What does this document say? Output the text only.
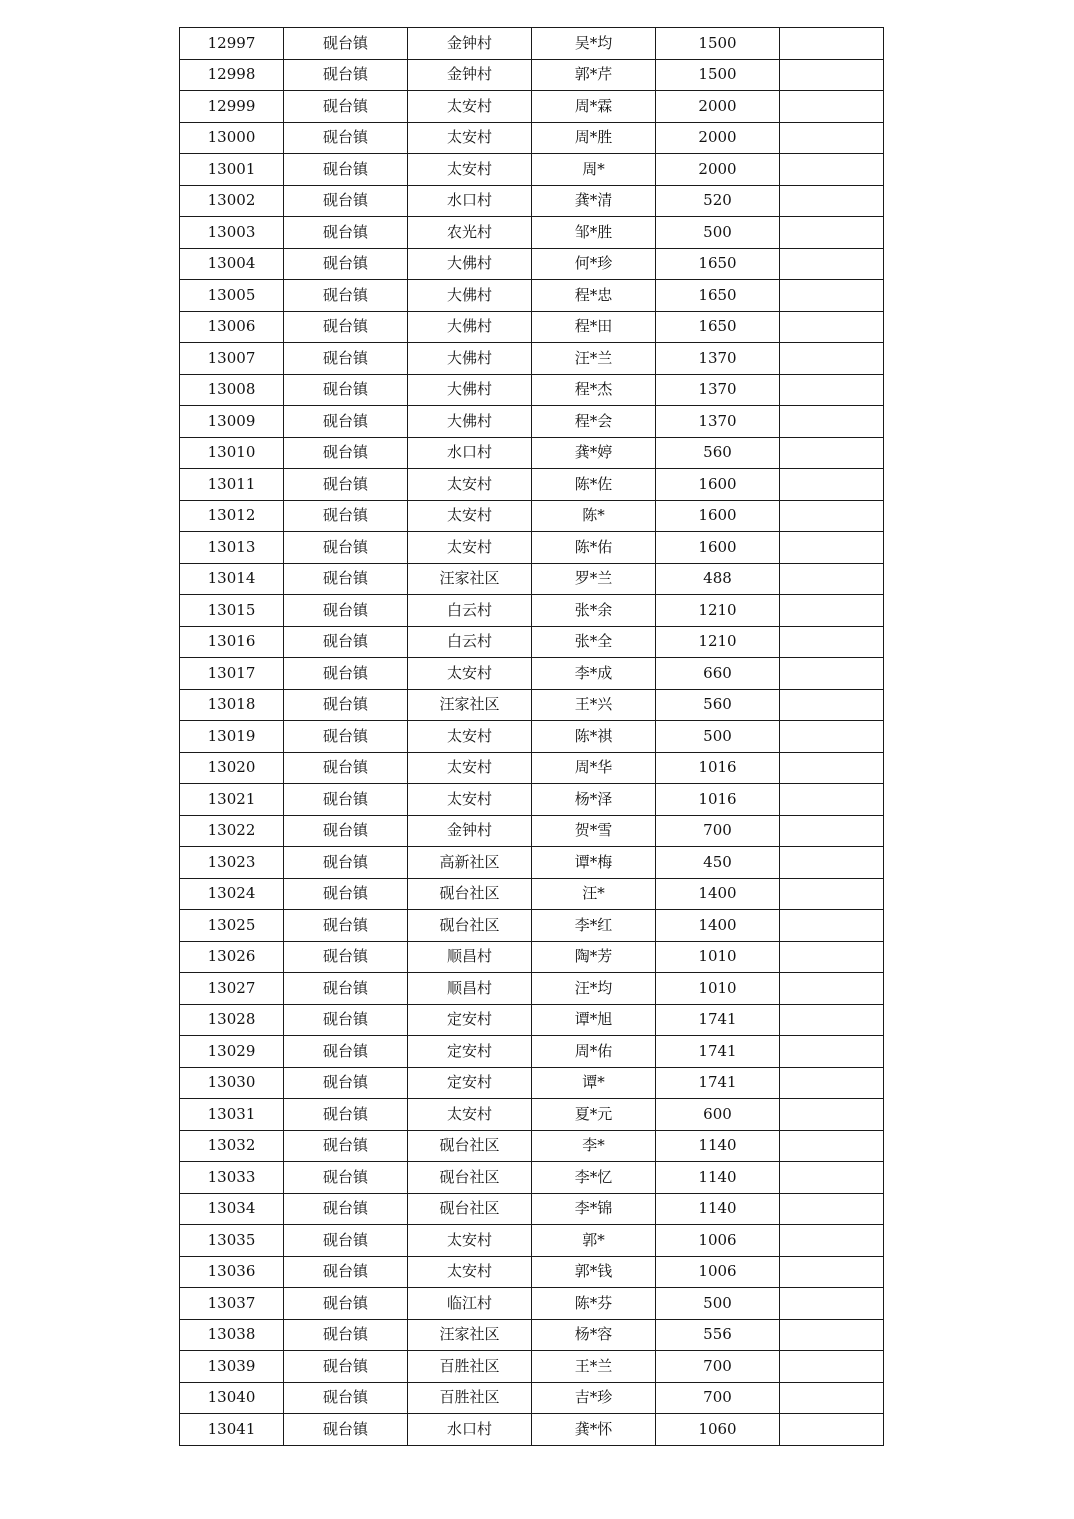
12997	砚台镇	金钟村	吴*均	1500	
12998	砚台镇	金钟村	郭*芹	1500	
12999	砚台镇	太安村	周*霖	2000	
13000	砚台镇	太安村	周*胜	2000	
13001	砚台镇	太安村	周*	2000	
13002	砚台镇	水口村	龚*清	520	
13003	砚台镇	农光村	邹*胜	500	
13004	砚台镇	大佛村	何*珍	1650	
13005	砚台镇	大佛村	程*忠	1650	
13006	砚台镇	大佛村	程*田	1650	
13007	砚台镇	大佛村	汪*兰	1370	
13008	砚台镇	大佛村	程*杰	1370	
13009	砚台镇	大佛村	程*会	1370	
13010	砚台镇	水口村	龚*婷	560	
13011	砚台镇	太安村	陈*佐	1600	
13012	砚台镇	太安村	陈*	1600	
13013	砚台镇	太安村	陈*佑	1600	
13014	砚台镇	汪家社区	罗*兰	488	
13015	砚台镇	白云村	张*余	1210	
13016	砚台镇	白云村	张*全	1210	
13017	砚台镇	太安村	李*成	660	
13018	砚台镇	汪家社区	王*兴	560	
13019	砚台镇	太安村	陈*祺	500	
13020	砚台镇	太安村	周*华	1016	
13021	砚台镇	太安村	杨*泽	1016	
13022	砚台镇	金钟村	贺*雪	700	
13023	砚台镇	高新社区	谭*梅	450	
13024	砚台镇	砚台社区	汪*	1400	
13025	砚台镇	砚台社区	李*红	1400	
13026	砚台镇	顺昌村	陶*芳	1010	
13027	砚台镇	顺昌村	汪*均	1010	
13028	砚台镇	定安村	谭*旭	1741	
13029	砚台镇	定安村	周*佑	1741	
13030	砚台镇	定安村	谭*	1741	
13031	砚台镇	太安村	夏*元	600	
13032	砚台镇	砚台社区	李*	1140	
13033	砚台镇	砚台社区	李*忆	1140	
13034	砚台镇	砚台社区	李*锦	1140	
13035	砚台镇	太安村	郭*	1006	
13036	砚台镇	太安村	郭*钱	1006	
13037	砚台镇	临江村	陈*芬	500	
13038	砚台镇	汪家社区	杨*容	556	
13039	砚台镇	百胜社区	王*兰	700	
13040	砚台镇	百胜社区	吉*珍	700	
13041	砚台镇	水口村	龚*怀	1060	
